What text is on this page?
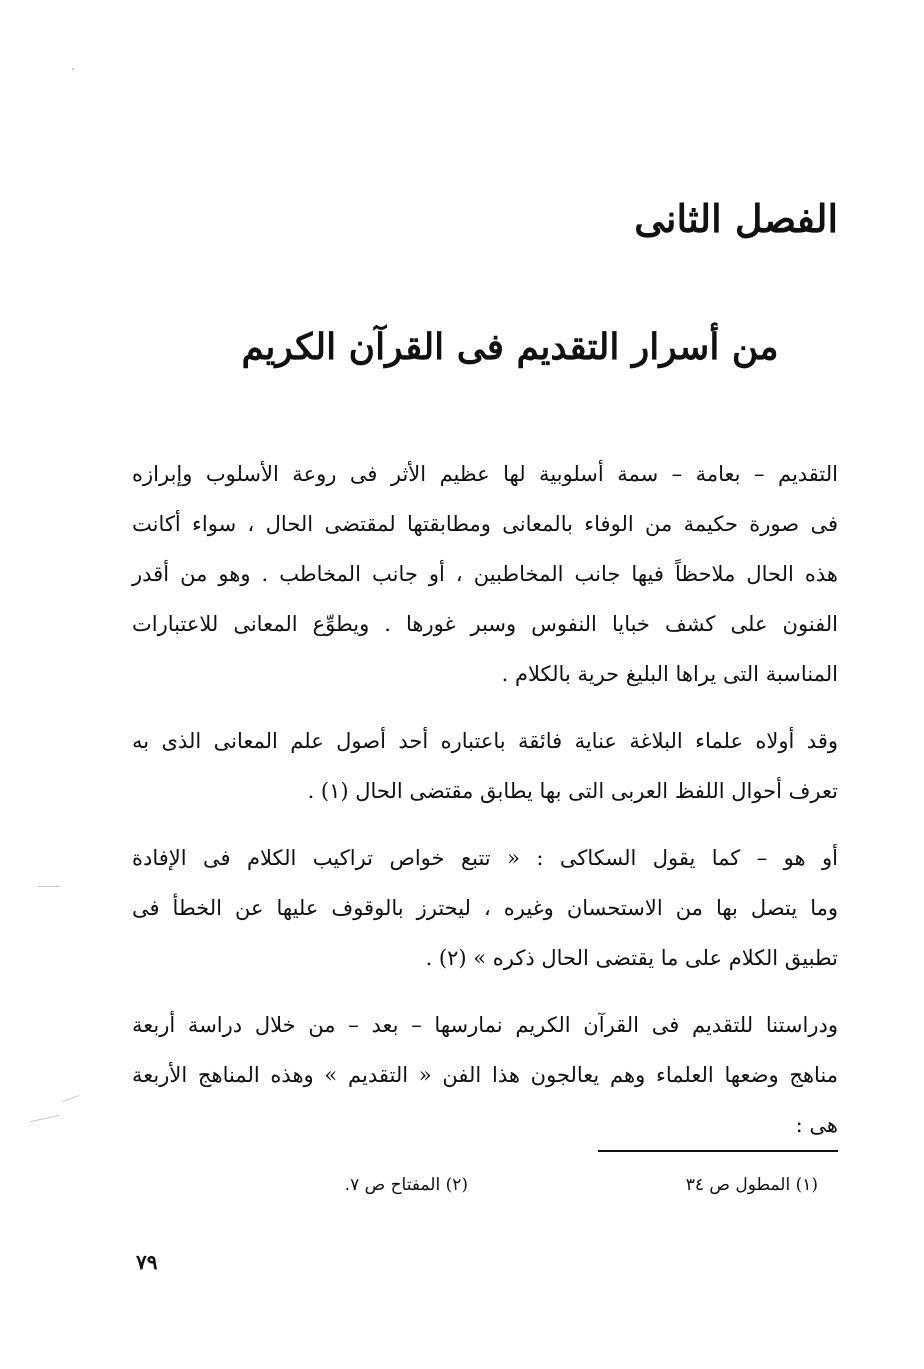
الفصل الثانى
من أسرار التقديم فى القرآن الكريم

التقديم – بعامة – سمة أسلوبية لها عظيم الأثر فى روعة الأسلوب وإبرازه
فى صورة حكيمة من الوفاء بالمعانى ومطابقتها لمقتضى الحال ، سواء أكانت
هذه الحال ملاحظاً فيها جانب المخاطبين ، أو جانب المخاطب . وهو من أقدر
الفنون على كشف خبايا النفوس وسبر غورها . ويطوِّع المعانى للاعتبارات
المناسبة التى يراها البليغ حرية بالكلام .

وقد أولاه علماء البلاغة عناية فائقة باعتباره أحد أصول علم المعانى الذى به
تعرف أحوال اللفظ العربى التى بها يطابق مقتضى الحال (١) .

أو هو – كما يقول السكاكى : « تتبع خواص تراكيب الكلام فى الإفادة
وما يتصل بها من الاستحسان وغيره ، ليحترز بالوقوف عليها عن الخطأ فى
تطبيق الكلام على ما يقتضى الحال ذكره » (٢) .

ودراستنا للتقديم فى القرآن الكريم نمارسها – بعد – من خلال دراسة أربعة
مناهج وضعها العلماء وهم يعالجون هذا الفن « التقديم » وهذه المناهج الأربعة
هى :

(١) المطول ص ٣٤
(٢) المفتاح ص ٧.
٧٩
